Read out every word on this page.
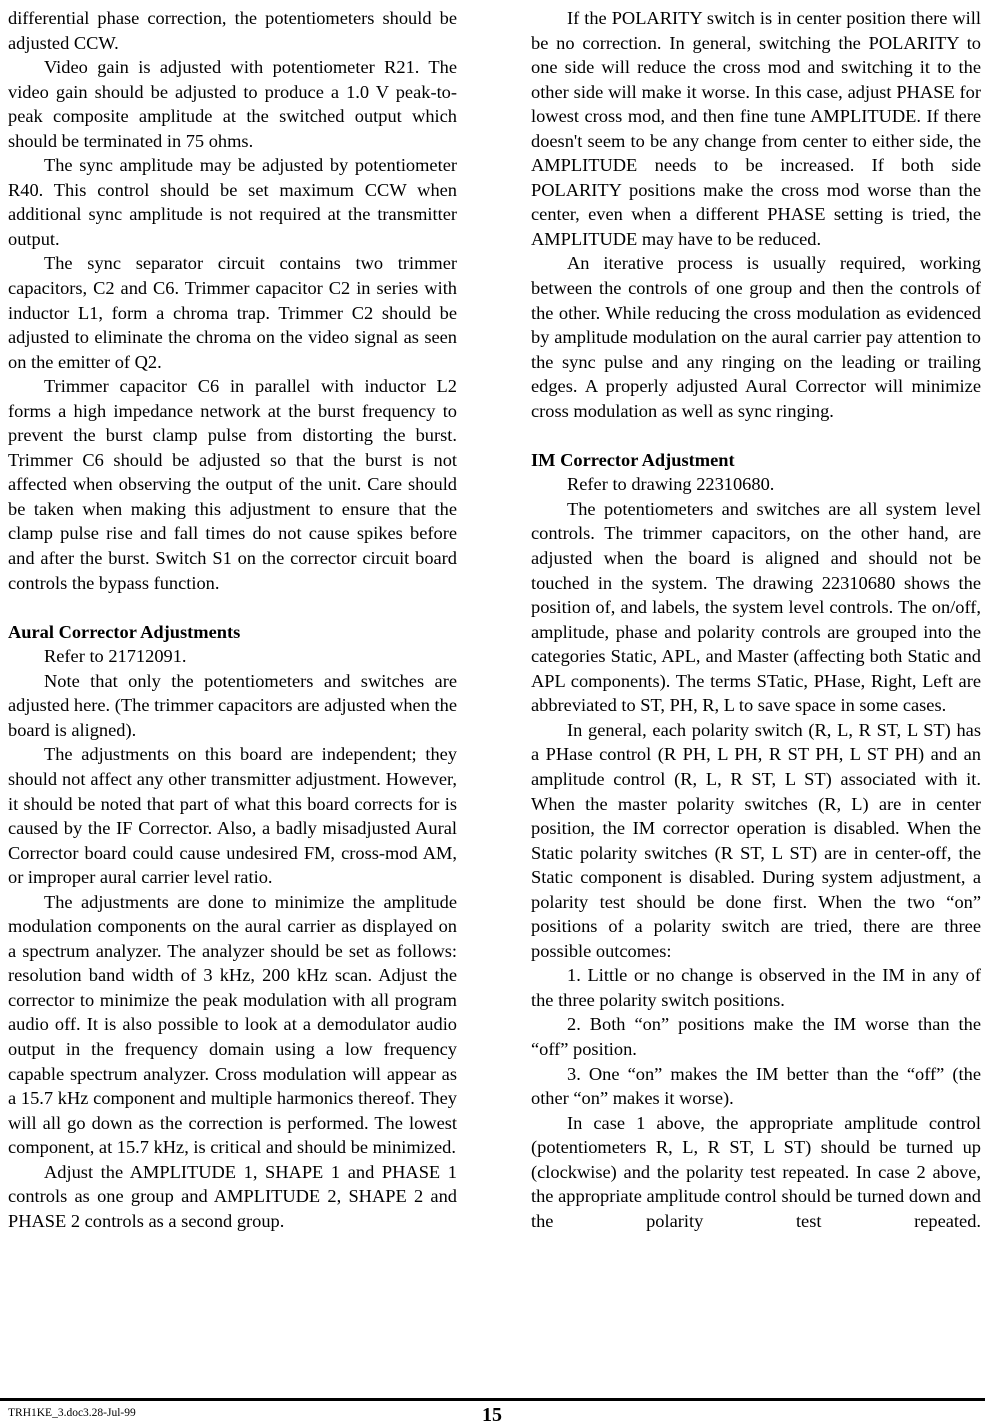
differential phase correction, the potentiometers should be adjusted CCW.

Video gain is adjusted with potentiometer R21. The video gain should be adjusted to produce a 1.0 V peak-to-peak composite amplitude at the switched output which should be terminated in 75 ohms.

The sync amplitude may be adjusted by potentiometer R40. This control should be set maximum CCW when additional sync amplitude is not required at the transmitter output.

The sync separator circuit contains two trimmer capacitors, C2 and C6. Trimmer capacitor C2 in series with inductor L1, form a chroma trap. Trimmer C2 should be adjusted to eliminate the chroma on the video signal as seen on the emitter of Q2.

Trimmer capacitor C6 in parallel with inductor L2 forms a high impedance network at the burst frequency to prevent the burst clamp pulse from distorting the burst. Trimmer C6 should be adjusted so that the burst is not affected when observing the output of the unit. Care should be taken when making this adjustment to ensure that the clamp pulse rise and fall times do not cause spikes before and after the burst. Switch S1 on the corrector circuit board controls the bypass function.

Aural Corrector Adjustments

Refer to 21712091.

Note that only the potentiometers and switches are adjusted here. (The trimmer capacitors are adjusted when the board is aligned).

The adjustments on this board are independent; they should not affect any other transmitter adjustment. However, it should be noted that part of what this board corrects for is caused by the IF Corrector. Also, a badly misadjusted Aural Corrector board could cause undesired FM, cross-mod AM, or improper aural carrier level ratio.

The adjustments are done to minimize the amplitude modulation components on the aural carrier as displayed on a spectrum analyzer. The analyzer should be set as follows: resolution band width of 3 kHz, 200 kHz scan. Adjust the corrector to minimize the peak modulation with all program audio off. It is also possible to look at a demodulator audio output in the frequency domain using a low frequency capable spectrum analyzer. Cross modulation will appear as a 15.7 kHz component and multiple harmonics thereof. They will all go down as the correction is performed. The lowest component, at 15.7 kHz, is critical and should be minimized.

Adjust the AMPLITUDE 1, SHAPE 1 and PHASE 1 controls as one group and AMPLITUDE 2, SHAPE 2 and PHASE 2 controls as a second group.

If the POLARITY switch is in center position there will be no correction. In general, switching the POLARITY to one side will reduce the cross mod and switching it to the other side will make it worse. In this case, adjust PHASE for lowest cross mod, and then fine tune AMPLITUDE. If there doesn't seem to be any change from center to either side, the AMPLITUDE needs to be increased. If both side POLARITY positions make the cross mod worse than the center, even when a different PHASE setting is tried, the AMPLITUDE may have to be reduced.

An iterative process is usually required, working between the controls of one group and then the controls of the other. While reducing the cross modulation as evidenced by amplitude modulation on the aural carrier pay attention to the sync pulse and any ringing on the leading or trailing edges. A properly adjusted Aural Corrector will minimize cross modulation as well as sync ringing.

IM Corrector Adjustment

Refer to drawing 22310680.

The potentiometers and switches are all system level controls. The trimmer capacitors, on the other hand, are adjusted when the board is aligned and should not be touched in the system. The drawing 22310680 shows the position of, and labels, the system level controls. The on/off, amplitude, phase and polarity controls are grouped into the categories Static, APL, and Master (affecting both Static and APL components). The terms STatic, PHase, Right, Left are abbreviated to ST, PH, R, L to save space in some cases.

In general, each polarity switch (R, L, R ST, L ST) has a PHase control (R PH, L PH, R ST PH, L ST PH) and an amplitude control (R, L, R ST, L ST) associated with it. When the master polarity switches (R, L) are in center position, the IM corrector operation is disabled. When the Static polarity switches (R ST, L ST) are in center-off, the Static component is disabled. During system adjustment, a polarity test should be done first. When the two “on” positions of a polarity switch are tried, there are three possible outcomes:

1. Little or no change is observed in the IM in any of the three polarity switch positions.

2. Both “on” positions make the IM worse than the “off” position.

3. One “on” makes the IM better than the “off” (the other “on” makes it worse).

In case 1 above, the appropriate amplitude control (potentiometers R, L, R ST, L ST) should be turned up (clockwise) and the polarity test repeated. In case 2 above, the appropriate amplitude control should be turned down and the polarity test repeated.

TRH1KE_3.doc3.28-Jul-99	15
